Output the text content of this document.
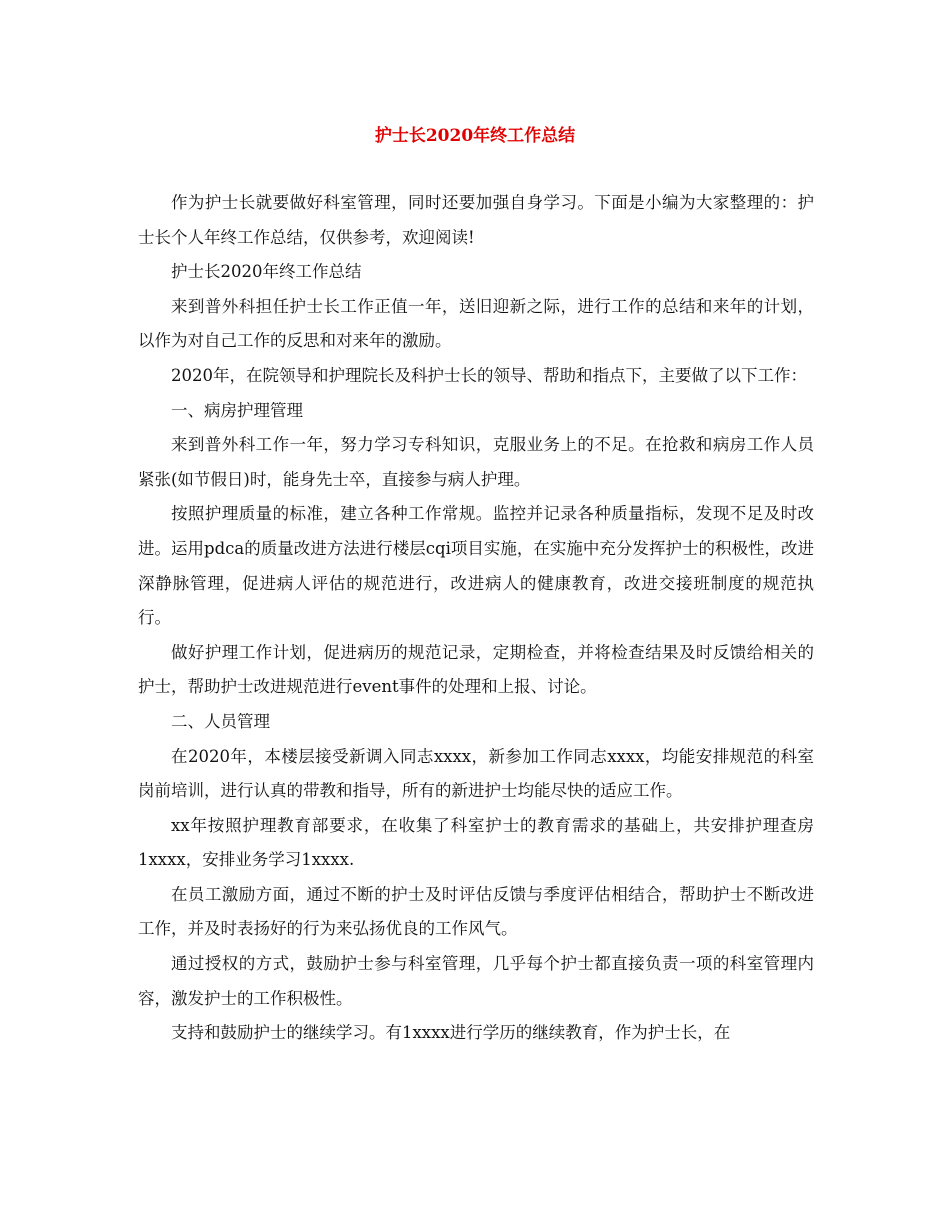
护士长2020年终工作总结

作为护士长就要做好科室管理，同时还要加强自身学习。下面是小编为大家整理的：护士长个人年终工作总结，仅供参考，欢迎阅读!

护士长2020年终工作总结

来到普外科担任护士长工作正值一年，送旧迎新之际，进行工作的总结和来年的计划，以作为对自己工作的反思和对来年的激励。

2020年，在院领导和护理院长及科护士长的领导、帮助和指点下，主要做了以下工作：

一、病房护理管理

来到普外科工作一年，努力学习专科知识，克服业务上的不足。在抢救和病房工作人员紧张(如节假日)时，能身先士卒，直接参与病人护理。

按照护理质量的标准，建立各种工作常规。监控并记录各种质量指标，发现不足及时改进。运用pdca的质量改进方法进行楼层cqi项目实施，在实施中充分发挥护士的积极性，改进深静脉管理，促进病人评估的规范进行，改进病人的健康教育，改进交接班制度的规范执行。

做好护理工作计划，促进病历的规范记录，定期检查，并将检查结果及时反馈给相关的护士，帮助护士改进规范进行event事件的处理和上报、讨论。

二、人员管理

在2020年，本楼层接受新调入同志xxxx，新参加工作同志xxxx，均能安排规范的科室岗前培训，进行认真的带教和指导，所有的新进护士均能尽快的适应工作。

xx年按照护理教育部要求，在收集了科室护士的教育需求的基础上，共安排护理查房1xxxx，安排业务学习1xxxx.

在员工激励方面，通过不断的护士及时评估反馈与季度评估相结合，帮助护士不断改进工作，并及时表扬好的行为来弘扬优良的工作风气。

通过授权的方式，鼓励护士参与科室管理，几乎每个护士都直接负责一项的科室管理内容，激发护士的工作积极性。

支持和鼓励护士的继续学习。有1xxxx进行学历的继续教育，作为护士长，在
